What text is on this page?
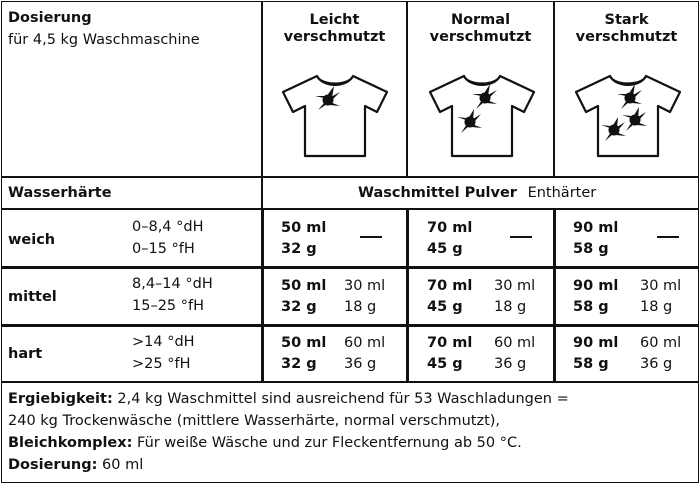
Dosierung
für 4,5 kg Waschmaschine
Leicht
verschmutzt
Normal
verschmutzt
Stark
verschmutzt
Wasserhärte	Waschmittel Pulver Enthärter
weich
0–8,4 °dH
0–15 °fH
50 ml
32 g
70 ml
45 g
90 ml
58 g
mittel
8,4–14 °dH
15–25 °fH
50 ml
32 g
30 ml
18 g
70 ml
45 g
30 ml
18 g
90 ml
58 g
30 ml
18 g
hart
>14 °dH
>25 °fH
50 ml
32 g
60 ml
36 g
70 ml
45 g
60 ml
36 g
90 ml
58 g
60 ml
36 g
Ergiebigkeit: 2,4 kg Waschmittel sind ausreichend für 53 Waschladungen =
240 kg Trockenwäsche (mittlere Wasserhärte, normal verschmutzt),
Bleichkomplex: Für weiße Wäsche und zur Fleckentfernung ab 50 °C.
Dosierung: 60 ml
